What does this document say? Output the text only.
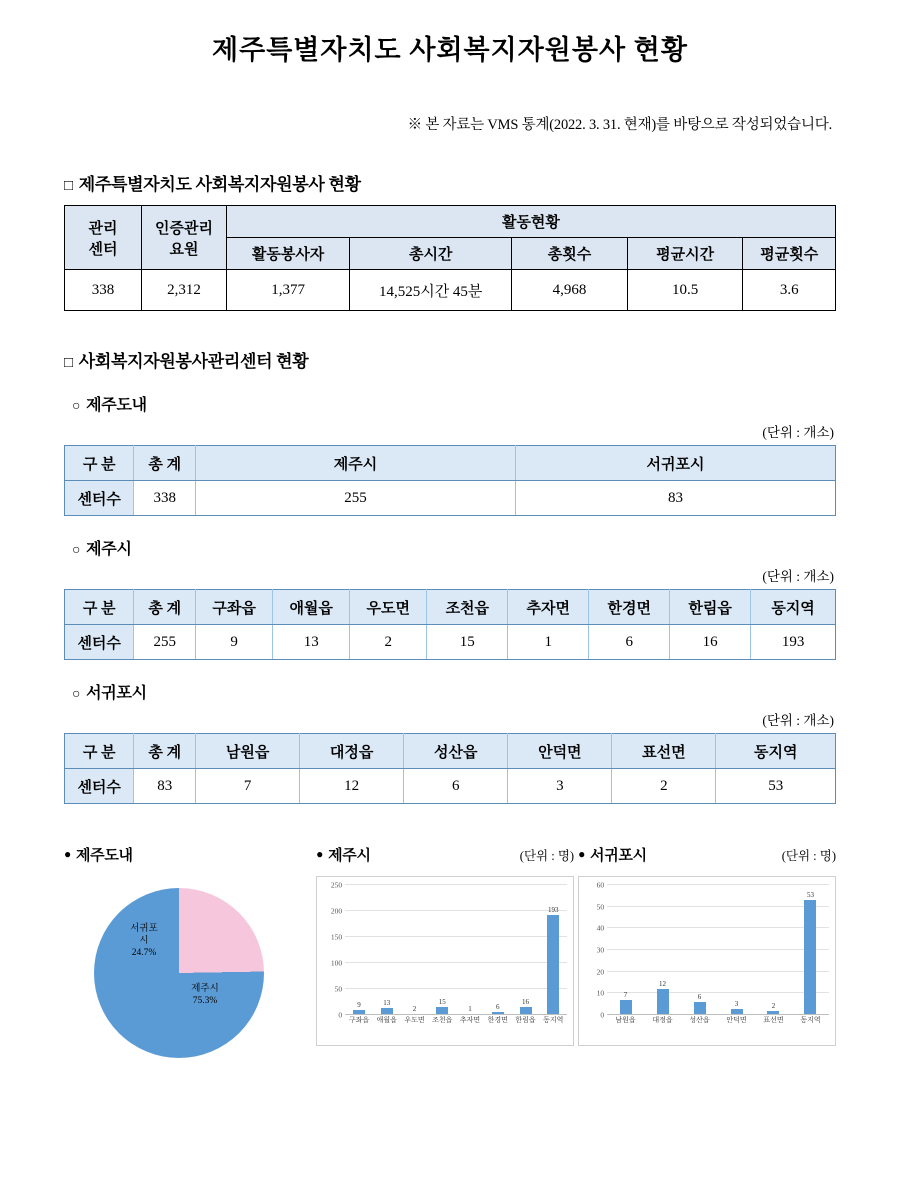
제주특별자치도 사회복지자원봉사 현황
※ 본 자료는 VMS 통계(2022. 3. 31. 현재)를 바탕으로 작성되었습니다.
□ 제주특별자치도 사회복지자원봉사 현황
관리
센터

인증관리
요원
	활동현황
		활동봉사자	총시간	총횟수	평균시간	평균횟수
338	2,312	1,377	14,525시간 45분	4,968	10.5	3.6
□ 사회복지자원봉사관리센터 현황
○ 제주도내
(단위 : 개소)
구 분	총 계	제주시	서귀포시
센터수	338	255	83
○ 제주시
(단위 : 개소)
구 분	총 계	구좌읍	애월읍	우도면	조천읍	추자면	한경면	한림읍	동지역
센터수	255	9	13	2	15	1	6	16	193
○ 서귀포시
(단위 : 개소)
구 분	총 계	남원읍	대정읍	성산읍	안덕면	표선면	동지역
센터수	83	7	12	6	3	2	53
● 제주도내
서귀포
시
24.7%
제주시
75.3%
● 제주시	(단위 : 명)
0
50
100
150
200
250
9	13
2
15
1	6
16
193
구좌읍	애월읍	우도면	조천읍	추자면	한경면	한림읍	동지역
● 서귀포시	(단위 : 명)
0
10
20
30
40
50
60
7
12
6
3	2
53
남원읍	대정읍	성산읍	안덕면	표선면	동지역
